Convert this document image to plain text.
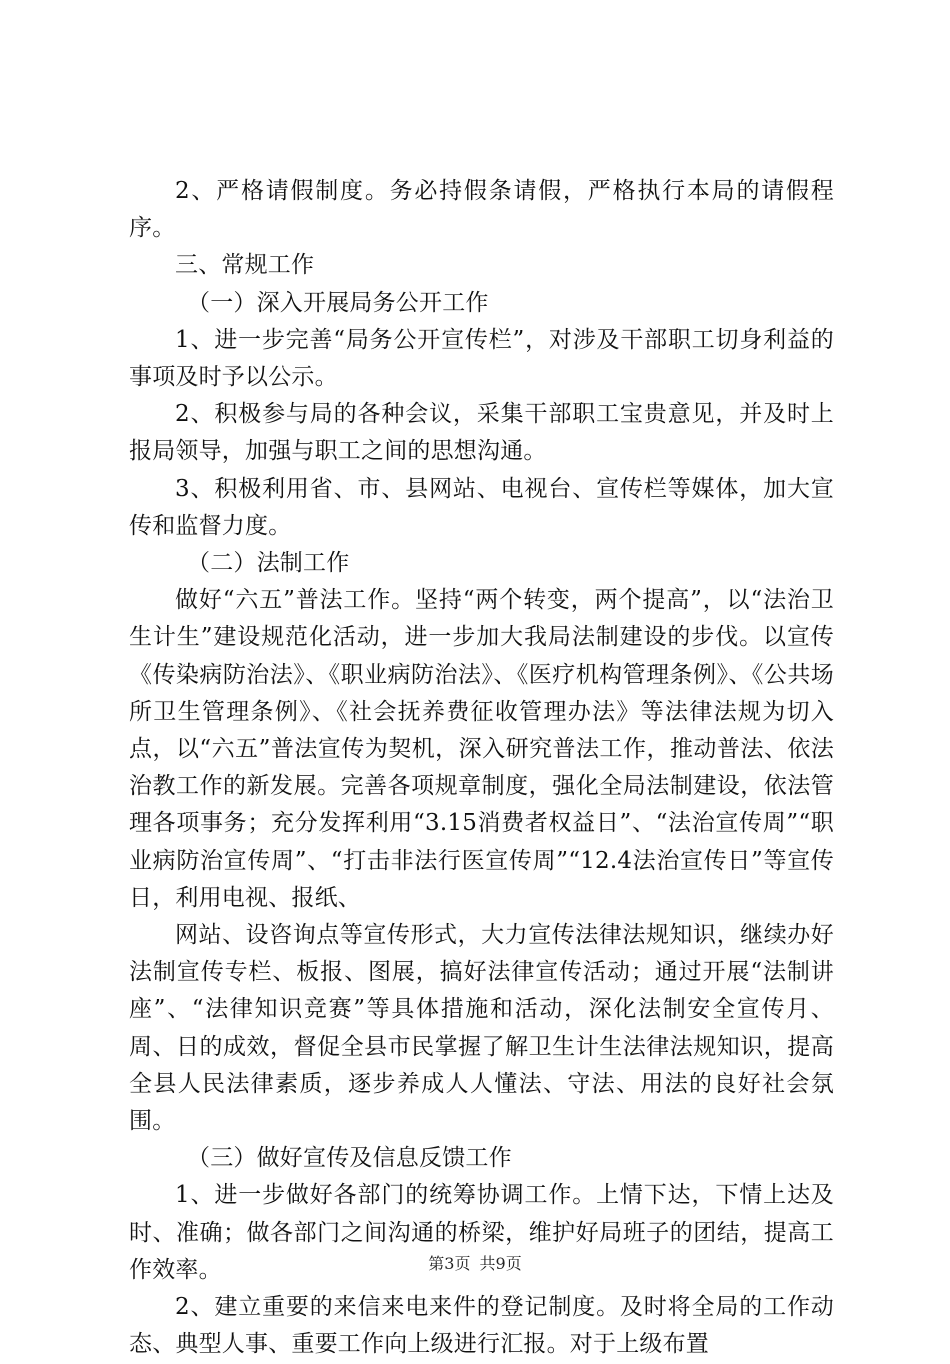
2、严格请假制度。务必持假条请假，严格执行本局的请假程序。

三、常规工作

（一）深入开展局务公开工作

1、进一步完善“局务公开宣传栏”，对涉及干部职工切身利益的事项及时予以公示。

2、积极参与局的各种会议，采集干部职工宝贵意见，并及时上报局领导，加强与职工之间的思想沟通。

3、积极利用省、市、县网站、电视台、宣传栏等媒体，加大宣传和监督力度。

（二）法制工作

做好“六五”普法工作。坚持“两个转变，两个提高”，以“法治卫生计生”建设规范化活动，进一步加大我局法制建设的步伐。以宣传《传染病防治法》、《职业病防治法》、《医疗机构管理条例》、《公共场所卫生管理条例》、《社会抚养费征收管理办法》等法律法规为切入点，以“六五”普法宣传为契机，深入研究普法工作，推动普法、依法治教工作的新发展。完善各项规章制度，强化全局法制建设，依法管理各项事务；充分发挥利用“3.15消费者权益日”、“法治宣传周”“职业病防治宣传周”、“打击非法行医宣传周”“12.4法治宣传日”等宣传日，利用电视、报纸、

网站、设咨询点等宣传形式，大力宣传法律法规知识，继续办好法制宣传专栏、板报、图展，搞好法律宣传活动；通过开展“法制讲座”、“法律知识竞赛”等具体措施和活动，深化法制安全宣传月、周、日的成效，督促全县市民掌握了解卫生计生法律法规知识，提高全县人民法律素质，逐步养成人人懂法、守法、用法的良好社会氛围。

（三）做好宣传及信息反馈工作

1、进一步做好各部门的统筹协调工作。上情下达，下情上达及时、准确；做各部门之间沟通的桥梁，维护好局班子的团结，提高工作效率。

2、建立重要的来信来电来件的登记制度。及时将全局的工作动态、典型人事、重要工作向上级进行汇报。对于上级布置

第3页 共9页
